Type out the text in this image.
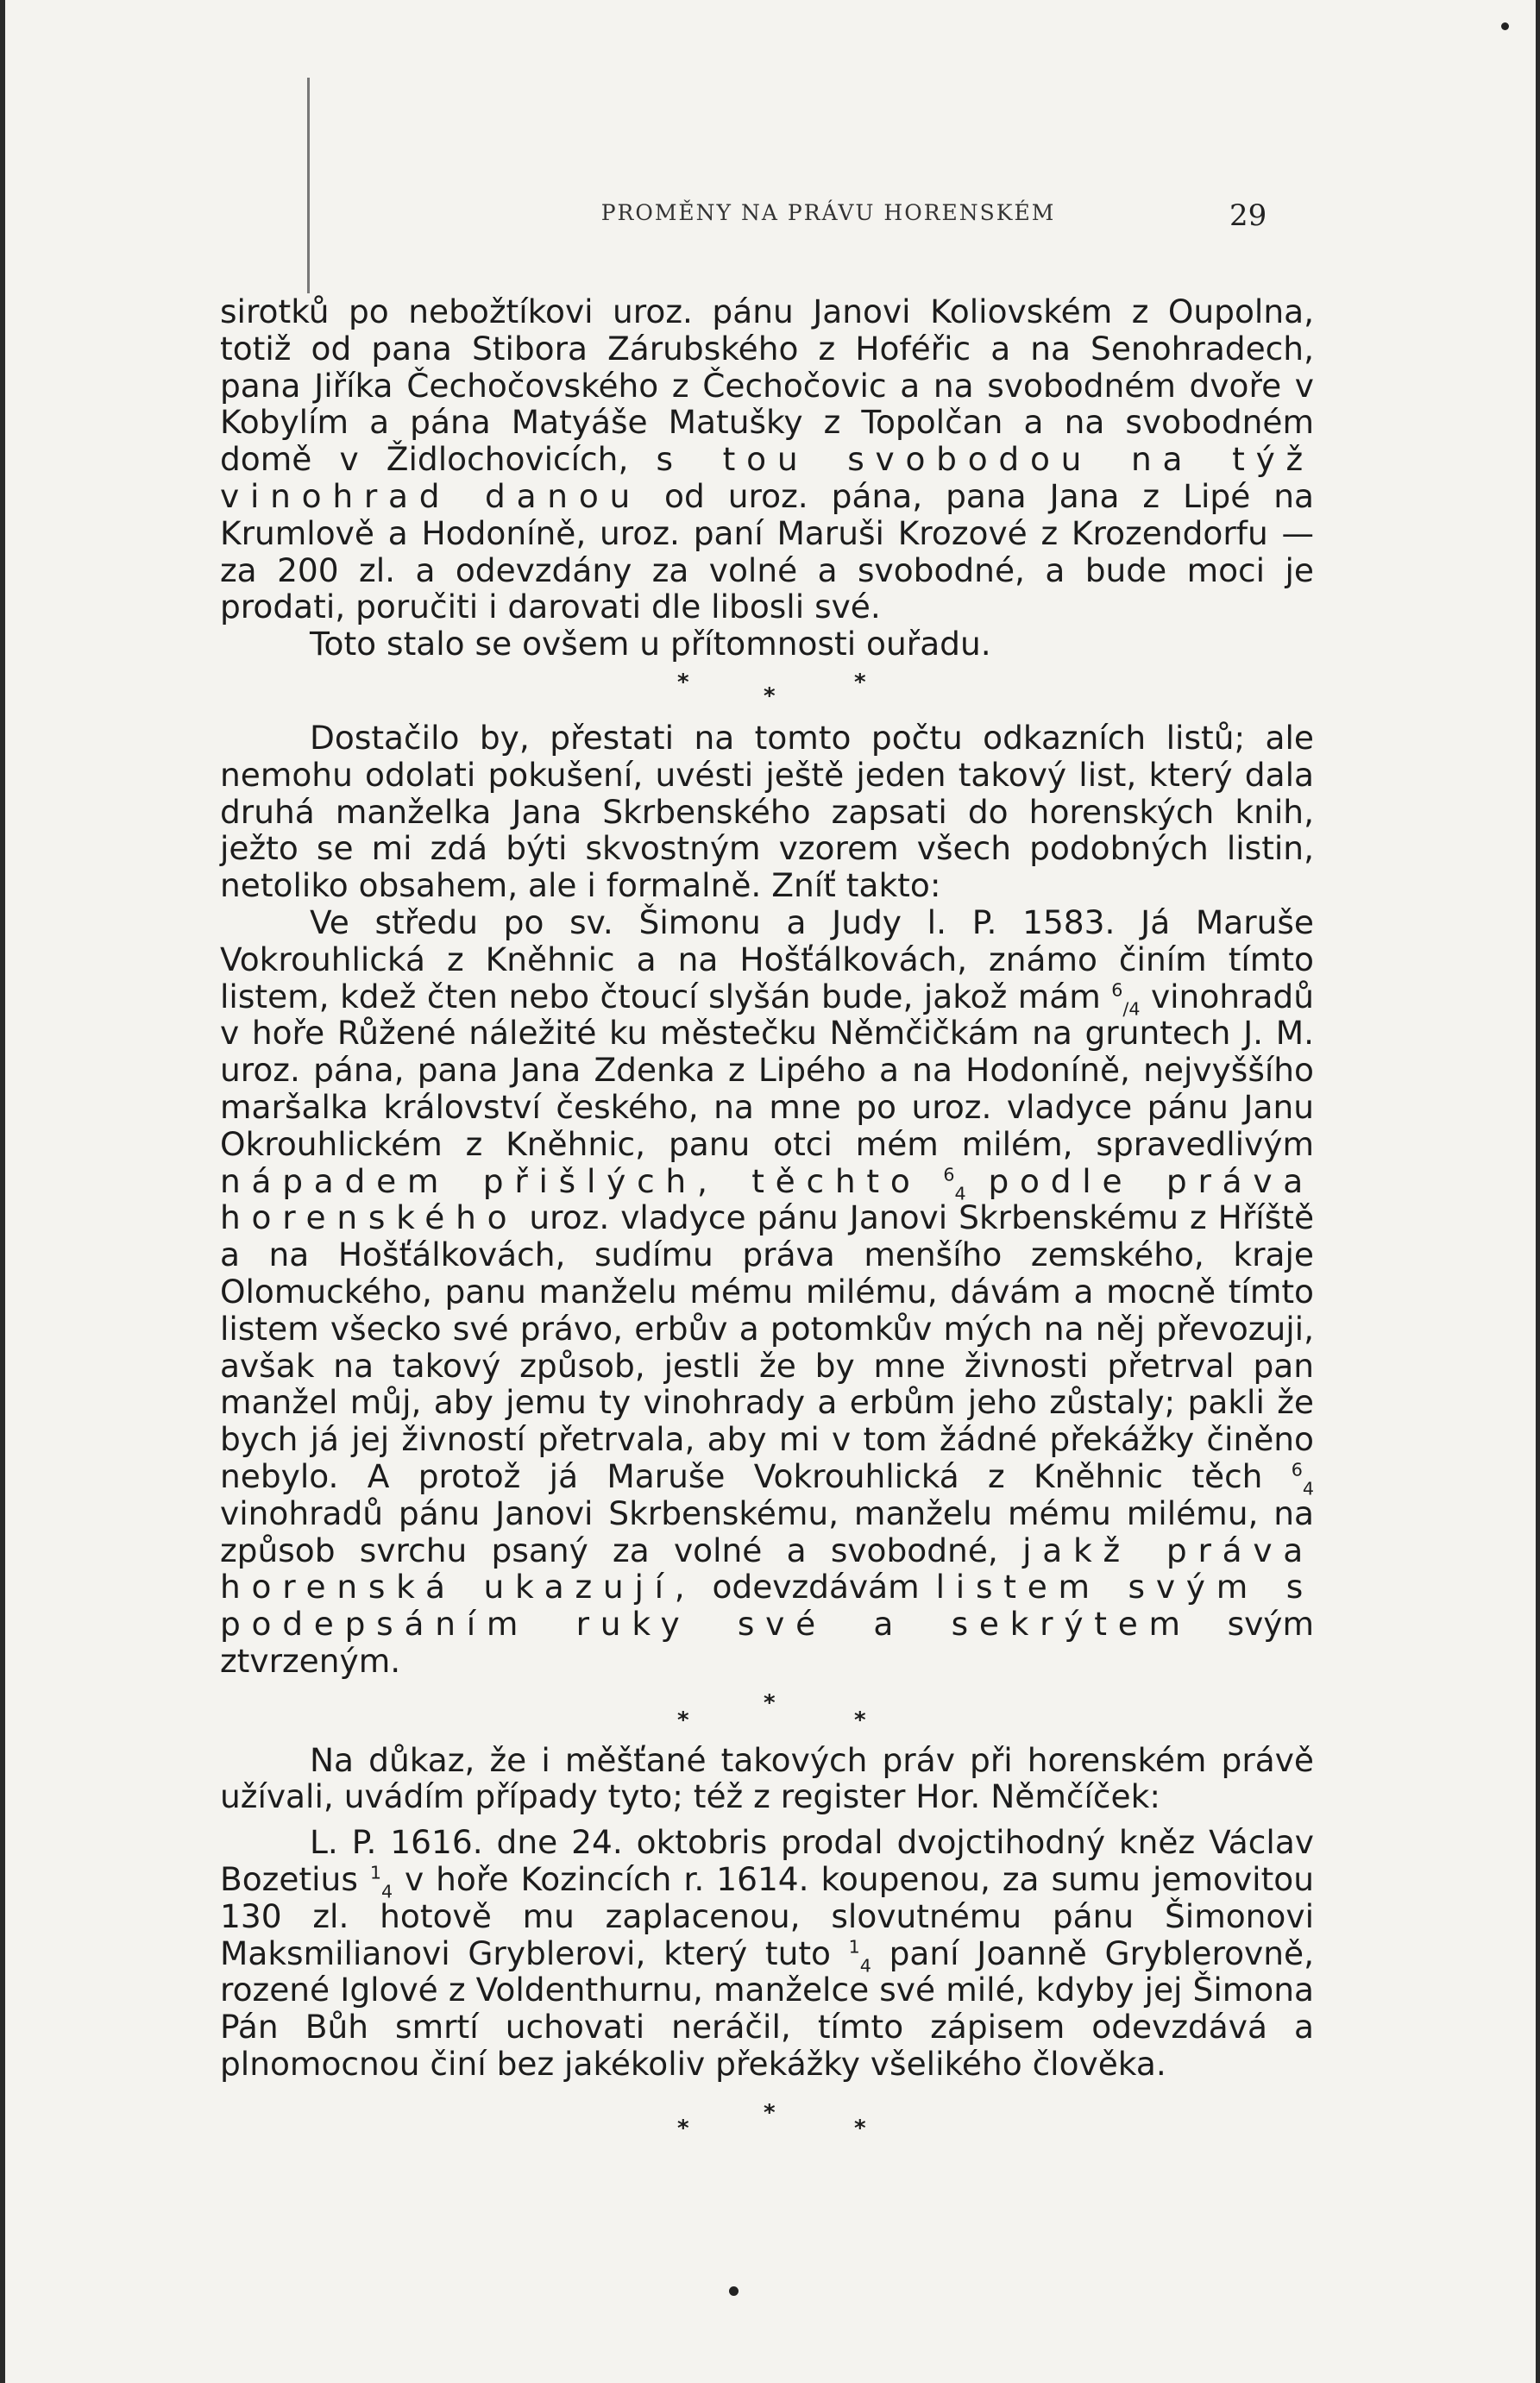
PROMĚNY NA PRÁVU HORENSKÉM	29

sirotků po nebožtíkovi uroz. pánu Janovi Koliovském z Oupolna, totiž od pana Stibora Zárubského z Hoféřic a na Senohradech, pana Jiříka Čechočovského z Čechočovic a na svobodném dvoře v Kobylím a pána Matyáše Matušky z Topolčan a na svobodném domě v Židlochovicích, s tou svobodou na týž vinohrad danou od uroz. pána, pana Jana z Lipé na Krumlově a Hodoníně, uroz. paní Maruši Krozové z Krozendorfu — za 200 zl. a odevzdány za volné a svobodné, a bude moci je prodati, poručiti i darovati dle libosli své.

Toto stalo se ovšem u přítomnosti ouřadu.

*
*
*

Dostačilo by, přestati na tomto počtu odkazních listů; ale nemohu odolati pokušení, uvésti ještě jeden takový list, který dala druhá manželka Jana Skrbenského zapsati do horenských knih, ježto se mi zdá býti skvostným vzorem všech podobných listin, netoliko obsahem, ale i formalně. Zníť takto:

Ve středu po sv. Šimonu a Judy l. P. 1583. Já Maruše Vokrouhlická z Kněhnic a na Hošťálkovách, známo činím tímto listem, kdež čten nebo čtoucí slyšán bude, jakož mám $^6_{/4}$ vinohradů v hoře Růžené náležité ku městečku Němčičkám na gruntech J. M. uroz. pána, pana Jana Zdenka z Lipého a na Hodoníně, nejvyššího maršalka království českého, na mne po uroz. vladyce pánu Janu Okrouhlickém z Kněhnic, panu otci mém milém, spravedlivým nápadem přišlých, těchto $^6_4$ podle práva horenského uroz. vladyce pánu Janovi Skrbenskému z Hříště a na Hošťálkovách, sudímu práva menšího zemského, kraje Olomuckého, panu manželu mému milému, dávám a mocně tímto listem všecko své právo, erbův a potomkův mých na něj převozuji, avšak na takový způsob, jestli že by mne živnosti přetrval pan manžel můj, aby jemu ty vinohrady a erbům jeho zůstaly; pakli že bych já jej živností přetrvala, aby mi v tom žádné překážky činěno nebylo. A protož já Maruše Vokrouhlická z Kněhnic těch $^6_4$ vinohradů pánu Janovi Skrbenskému, manželu mému milému, na způsob svrchu psaný za volné a svobodné, jakž práva horenská ukazují, odevzdávám listem svým s podepsáním ruky své a sekrýtem svým ztvrzeným.

*
*
*

Na důkaz, že i měšťané takových práv při horenském právě užívali, uvádím případy tyto; též z register Hor. Němčíček:

L. P. 1616. dne 24. oktobris prodal dvojctihodný kněz Václav Bozetius $^1_4$ v hoře Kozincích r. 1614. koupenou, za sumu jemovitou 130 zl. hotově mu zaplacenou, slovutnému pánu Šimonovi Maksmilianovi Gryblerovi, který tuto $^1_4$ paní Joanně Gryblerovně, rozené Iglové z Voldenthurnu, manželce své milé, kdyby jej Šimona Pán Bůh smrtí uchovati neráčil, tímto zápisem odevzdává a plnomocnou činí bez jakékoliv překážky všelikého člověka.

*
*
*
